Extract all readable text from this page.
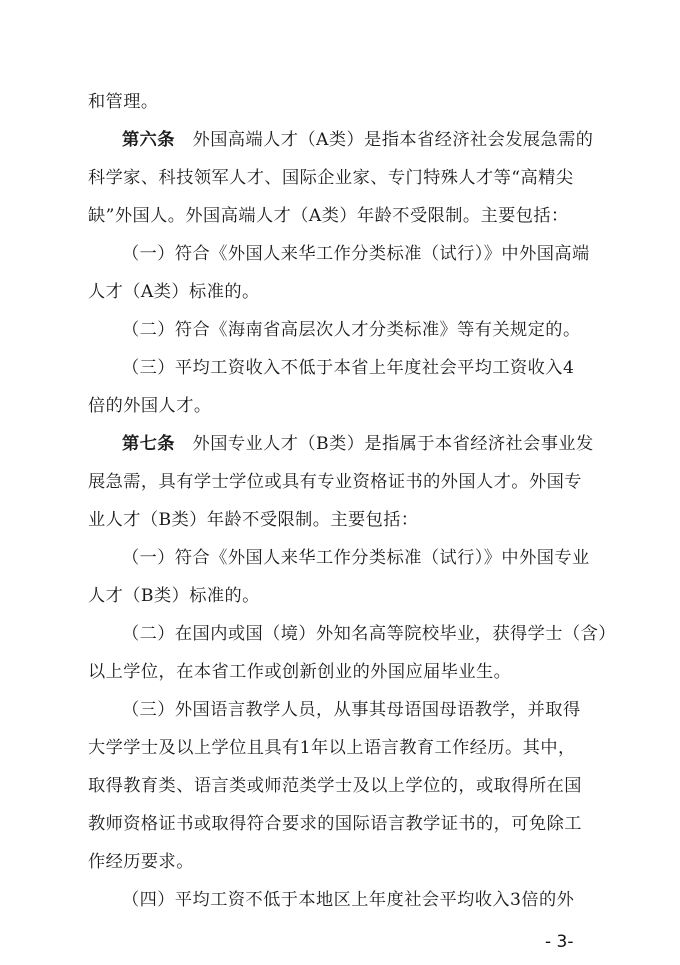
和管理。
第六条　外国高端人才（A类）是指本省经济社会发展急需的
科学家、科技领军人才、国际企业家、专门特殊人才等“高精尖
缺”外国人。外国高端人才（A类）年龄不受限制。主要包括：
（一）符合《外国人来华工作分类标准（试行）》中外国高端
人才（A类）标准的。
（二）符合《海南省高层次人才分类标准》等有关规定的。
（三）平均工资收入不低于本省上年度社会平均工资收入4
倍的外国人才。
第七条　外国专业人才（B类）是指属于本省经济社会事业发
展急需，具有学士学位或具有专业资格证书的外国人才。外国专
业人才（B类）年龄不受限制。主要包括：
（一）符合《外国人来华工作分类标准（试行）》中外国专业
人才（B类）标准的。
（二）在国内或国（境）外知名高等院校毕业，获得学士（含）
以上学位，在本省工作或创新创业的外国应届毕业生。
（三）外国语言教学人员，从事其母语国母语教学，并取得
大学学士及以上学位且具有1年以上语言教育工作经历。其中，
取得教育类、语言类或师范类学士及以上学位的，或取得所在国
教师资格证书或取得符合要求的国际语言教学证书的，可免除工
作经历要求。
（四）平均工资不低于本地区上年度社会平均收入3倍的外
- 3-
